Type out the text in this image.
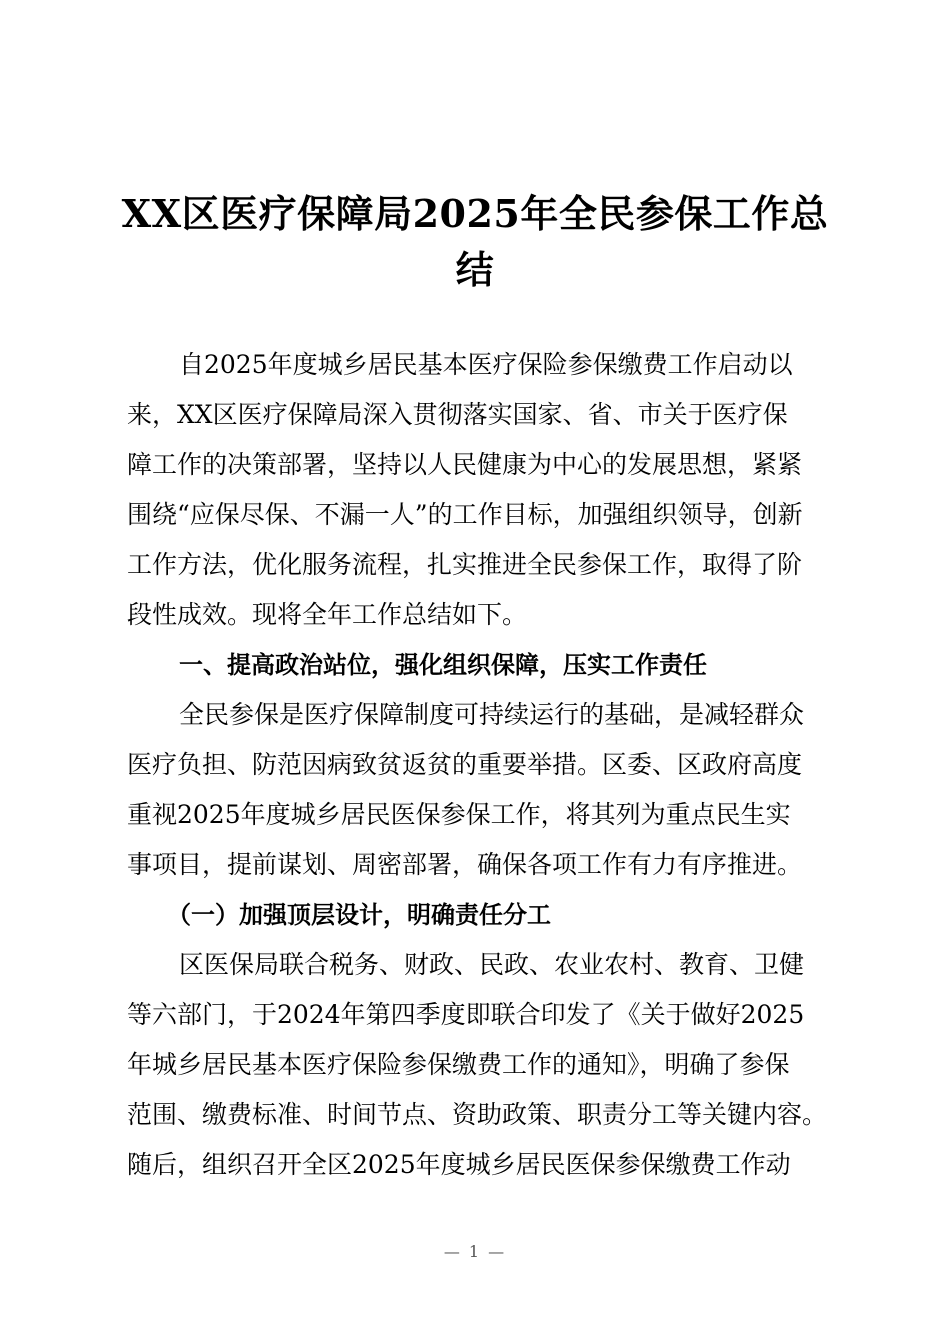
XX区医疗保障局2025年全民参保工作总
结
自2025年度城乡居民基本医疗保险参保缴费工作启动以
来，XX区医疗保障局深入贯彻落实国家、省、市关于医疗保
障工作的决策部署，坚持以人民健康为中心的发展思想，紧紧
围绕“应保尽保、不漏一人”的工作目标，加强组织领导，创新
工作方法，优化服务流程，扎实推进全民参保工作，取得了阶
段性成效。现将全年工作总结如下。
一、提高政治站位，强化组织保障，压实工作责任
全民参保是医疗保障制度可持续运行的基础，是减轻群众
医疗负担、防范因病致贫返贫的重要举措。区委、区政府高度
重视2025年度城乡居民医保参保工作，将其列为重点民生实
事项目，提前谋划、周密部署，确保各项工作有力有序推进。
（一）加强顶层设计，明确责任分工
区医保局联合税务、财政、民政、农业农村、教育、卫健
等六部门，于2024年第四季度即联合印发了《关于做好2025
年城乡居民基本医疗保险参保缴费工作的通知》，明确了参保
范围、缴费标准、时间节点、资助政策、职责分工等关键内容。
随后，组织召开全区2025年度城乡居民医保参保缴费工作动
— 1 —
